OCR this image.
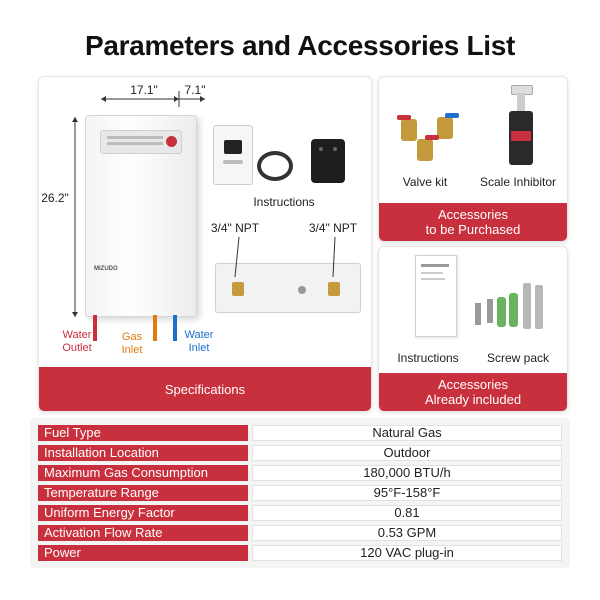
Parameters and Accessories List
17.1"	7.1"
26.2"
MIZUDO
Water
Outlet
Gas
Inlet
Water
Inlet
Instructions
3/4" NPT	3/4" NPT
Specifications
Valve kit	Scale Inhibitor
Accessories
to be Purchased
Instructions	Screw pack
Accessories
Already included
Fuel Type	Natural Gas
Installation Location	Outdoor
Maximum Gas Consumption	180,000 BTU/h
Temperature Range	95°F-158°F
Uniform Energy Factor	0.81
Activation Flow Rate	0.53 GPM
Power	120 VAC plug-in
